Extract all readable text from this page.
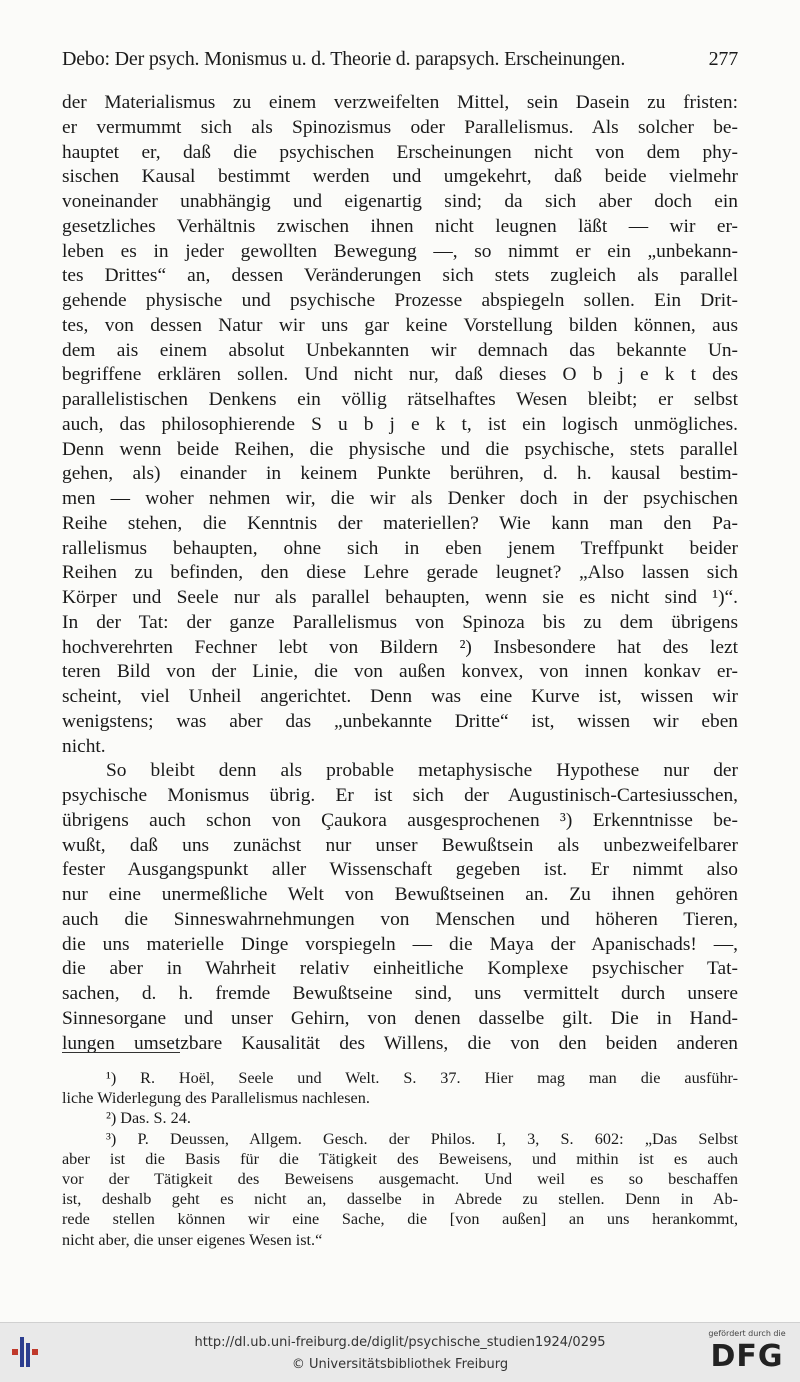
Debo: Der psych. Monismus u. d. Theorie d. parapsych. Erscheinungen.	277
der Materialismus zu einem verzweifelten Mittel, sein Dasein zu fristen:
er vermummt sich als Spinozismus oder Parallelismus. Als solcher be-
hauptet er, daß die psychischen Erscheinungen nicht von dem phy-
sischen Kausal bestimmt werden und umgekehrt, daß beide vielmehr
voneinander unabhängig und eigenartig sind; da sich aber doch ein
gesetzliches Verhältnis zwischen ihnen nicht leugnen läßt — wir er-
leben es in jeder gewollten Bewegung —, so nimmt er ein „unbekann-
tes Drittes“ an, dessen Veränderungen sich stets zugleich als parallel
gehende physische und psychische Prozesse abspiegeln sollen. Ein Drit-
tes, von dessen Natur wir uns gar keine Vorstellung bilden können, aus
dem ais einem absolut Unbekannten wir demnach das bekannte Un-
begriffene erklären sollen. Und nicht nur, daß dieses O b j e k t des
parallelistischen Denkens ein völlig rätselhaftes Wesen bleibt; er selbst
auch, das philosophierende S u b j e k t, ist ein logisch unmögliches.
Denn wenn beide Reihen, die physische und die psychische, stets parallel
gehen, als) einander in keinem Punkte berühren, d. h. kausal bestim-
men — woher nehmen wir, die wir als Denker doch in der psychischen
Reihe stehen, die Kenntnis der materiellen? Wie kann man den Pa-
rallelismus behaupten, ohne sich in eben jenem Treffpunkt beider
Reihen zu befinden, den diese Lehre gerade leugnet? „Also lassen sich
Körper und Seele nur als parallel behaupten, wenn sie es nicht sind ¹)“.
In der Tat: der ganze Parallelismus von Spinoza bis zu dem übrigens
hochverehrten Fechner lebt von Bildern ²) Insbesondere hat des lezt
teren Bild von der Linie, die von außen konvex, von innen konkav er-
scheint, viel Unheil angerichtet. Denn was eine Kurve ist, wissen wir
wenigstens; was aber das „unbekannte Dritte“ ist, wissen wir eben
nicht.
So bleibt denn als probable metaphysische Hypothese nur der
psychische Monismus übrig. Er ist sich der Augustinisch-Cartesiusschen,
übrigens auch schon von Çaukora ausgesprochenen ³) Erkenntnisse be-
wußt, daß uns zunächst nur unser Bewußtsein als unbezweifelbarer
fester Ausgangspunkt aller Wissenschaft gegeben ist. Er nimmt also
nur eine unermeßliche Welt von Bewußtseinen an. Zu ihnen gehören
auch die Sinneswahrnehmungen von Menschen und höheren Tieren,
die uns materielle Dinge vorspiegeln — die Maya der Apanischads! —,
die aber in Wahrheit relativ einheitliche Komplexe psychischer Tat-
sachen, d. h. fremde Bewußtseine sind, uns vermittelt durch unsere
Sinnesorgane und unser Gehirn, von denen dasselbe gilt. Die in Hand-
lungen umsetzbare Kausalität des Willens, die von den beiden anderen
¹) R. Hoël, Seele und Welt. S. 37. Hier mag man die ausführ-
liche Widerlegung des Parallelismus nachlesen.
²) Das. S. 24.
³) P. Deussen, Allgem. Gesch. der Philos. I, 3, S. 602: „Das Selbst
aber ist die Basis für die Tätigkeit des Beweisens, und mithin ist es auch
vor der Tätigkeit des Beweisens ausgemacht. Und weil es so beschaffen
ist, deshalb geht es nicht an, dasselbe in Abrede zu stellen. Denn in Ab-
rede stellen können wir eine Sache, die [von außen] an uns herankommt,
nicht aber, die unser eigenes Wesen ist.“
http://dl.ub.uni-freiburg.de/diglit/psychische_studien1924/0295
© Universitätsbibliothek Freiburg
gefördert durch die
DFG
